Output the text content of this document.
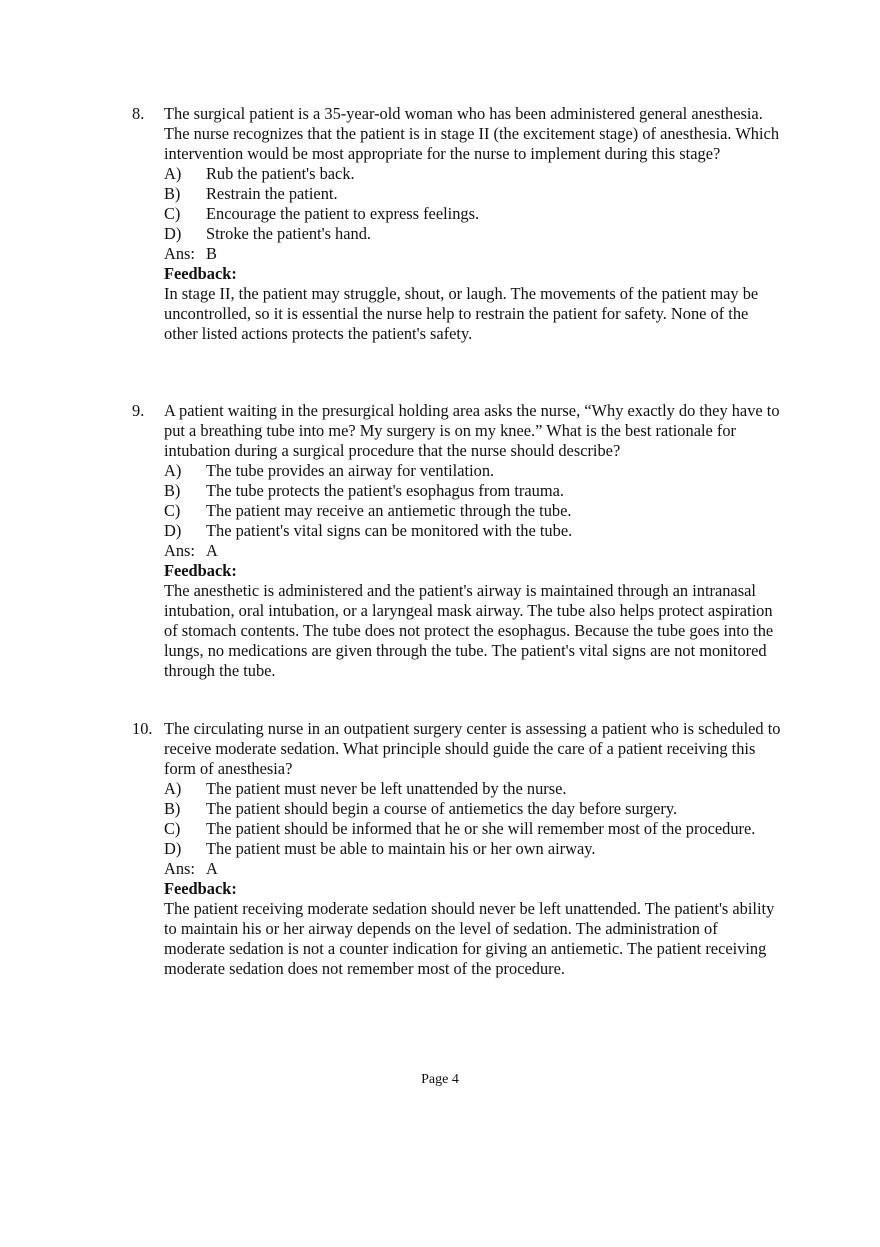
8.	The surgical patient is a 35-year-old woman who has been administered general anesthesia. The nurse recognizes that the patient is in stage II (the excitement stage) of anesthesia. Which intervention would be most appropriate for the nurse to implement during this stage?
A)	Rub the patient's back.
B)	Restrain the patient.
C)	Encourage the patient to express feelings.
D)	Stroke the patient's hand.
Ans: B
Feedback:
In stage II, the patient may struggle, shout, or laugh. The movements of the patient may be uncontrolled, so it is essential the nurse help to restrain the patient for safety. None of the other listed actions protects the patient's safety.
9.	A patient waiting in the presurgical holding area asks the nurse, “Why exactly do they have to put a breathing tube into me? My surgery is on my knee.” What is the best rationale for intubation during a surgical procedure that the nurse should describe?
A)	The tube provides an airway for ventilation.
B)	The tube protects the patient's esophagus from trauma.
C)	The patient may receive an antiemetic through the tube.
D)	The patient's vital signs can be monitored with the tube.
Ans: A
Feedback:
The anesthetic is administered and the patient's airway is maintained through an intranasal intubation, oral intubation, or a laryngeal mask airway. The tube also helps protect aspiration of stomach contents. The tube does not protect the esophagus. Because the tube goes into the lungs, no medications are given through the tube. The patient's vital signs are not monitored through the tube.
10. The circulating nurse in an outpatient surgery center is assessing a patient who is scheduled to receive moderate sedation. What principle should guide the care of a patient receiving this form of anesthesia?
A)	The patient must never be left unattended by the nurse.
B)	The patient should begin a course of antiemetics the day before surgery.
C)	The patient should be informed that he or she will remember most of the procedure.
D)	The patient must be able to maintain his or her own airway.
Ans: A
Feedback:
The patient receiving moderate sedation should never be left unattended. The patient's ability to maintain his or her airway depends on the level of sedation. The administration of moderate sedation is not a counter indication for giving an antiemetic. The patient receiving moderate sedation does not remember most of the procedure.
Page 4
